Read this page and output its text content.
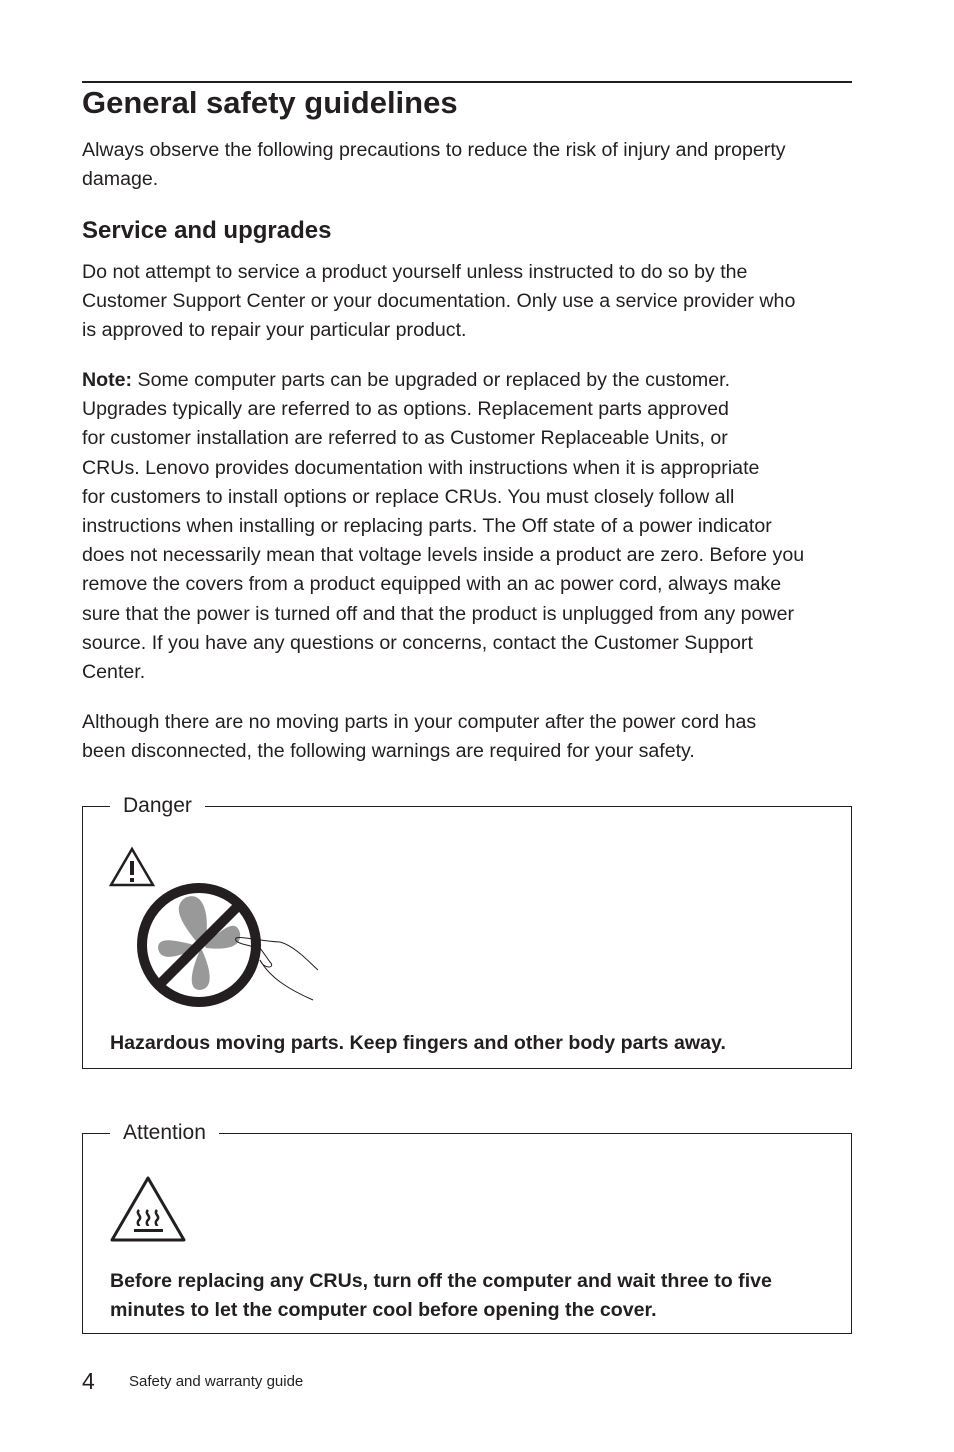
General safety guidelines
Always observe the following precautions to reduce the risk of injury and property
damage.
Service and upgrades
Do not attempt to service a product yourself unless instructed to do so by the
Customer Support Center or your documentation. Only use a service provider who
is approved to repair your particular product.
Note: Some computer parts can be upgraded or replaced by the customer.
Upgrades typically are referred to as options. Replacement parts approved
for customer installation are referred to as Customer Replaceable Units, or
CRUs. Lenovo provides documentation with instructions when it is appropriate
for customers to install options or replace CRUs. You must closely follow all
instructions when installing or replacing parts. The Off state of a power indicator
does not necessarily mean that voltage levels inside a product are zero. Before you
remove the covers from a product equipped with an ac power cord, always make
sure that the power is turned off and that the product is unplugged from any power
source. If you have any questions or concerns, contact the Customer Support
Center.
Although there are no moving parts in your computer after the power cord has
been disconnected, the following warnings are required for your safety.
Danger
Hazardous moving parts. Keep fingers and other body parts away.
Attention
Before replacing any CRUs, turn off the computer and wait three to five
minutes to let the computer cool before opening the cover.
4 Safety and warranty guide
